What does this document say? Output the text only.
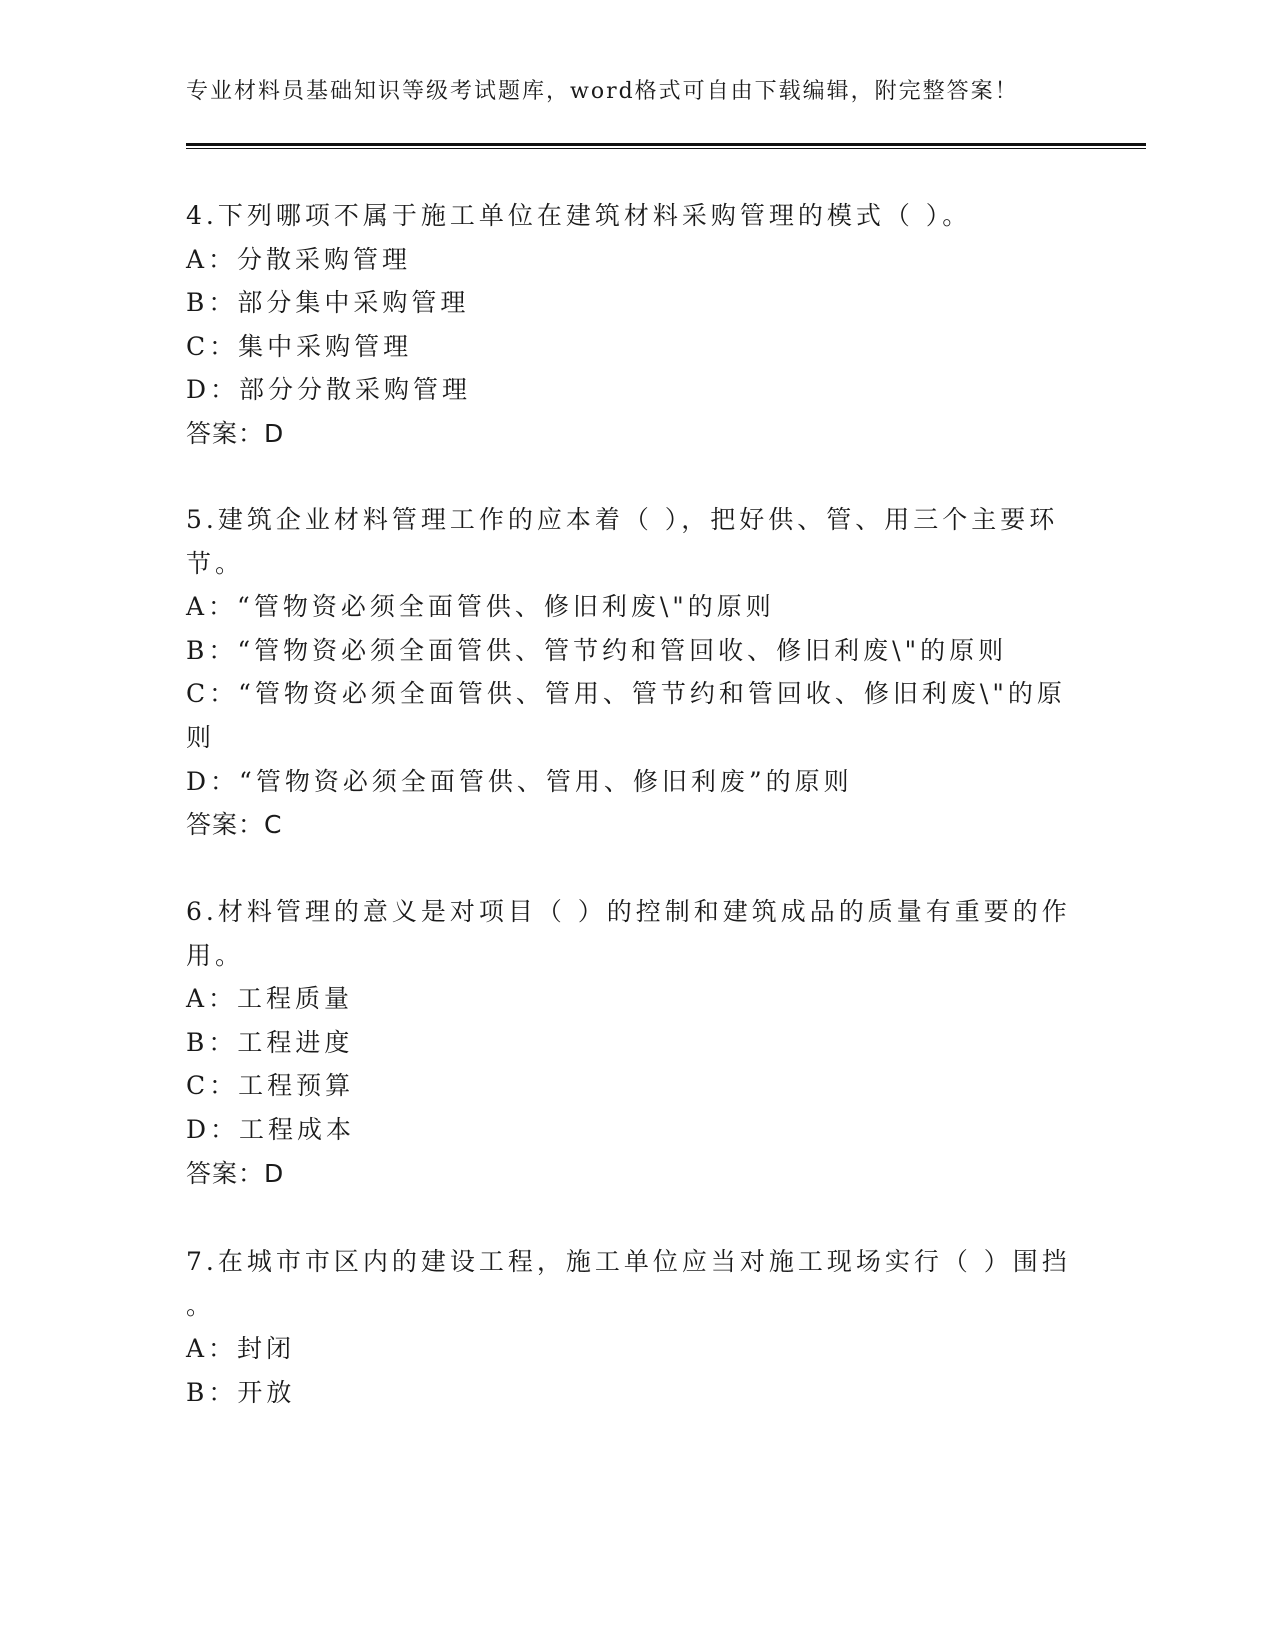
专业材料员基础知识等级考试题库，word格式可自由下载编辑，附完整答案！
4.下列哪项不属于施工单位在建筑材料采购管理的模式（ ）。
A：分散采购管理
B：部分集中采购管理
C：集中采购管理
D：部分分散采购管理
答案：D
5.建筑企业材料管理工作的应本着（ ），把好供、管、用三个主要环
节。
A：“管物资必须全面管供、修旧利废\"的原则
B：“管物资必须全面管供、管节约和管回收、修旧利废\"的原则
C：“管物资必须全面管供、管用、管节约和管回收、修旧利废\"的原
则
D：“管物资必须全面管供、管用、修旧利废”的原则
答案：C
6.材料管理的意义是对项目（ ）的控制和建筑成品的质量有重要的作
用。
A：工程质量
B：工程进度
C：工程预算
D：工程成本
答案：D
7.在城市市区内的建设工程，施工单位应当对施工现场实行（ ）围挡
。
A：封闭
B：开放
